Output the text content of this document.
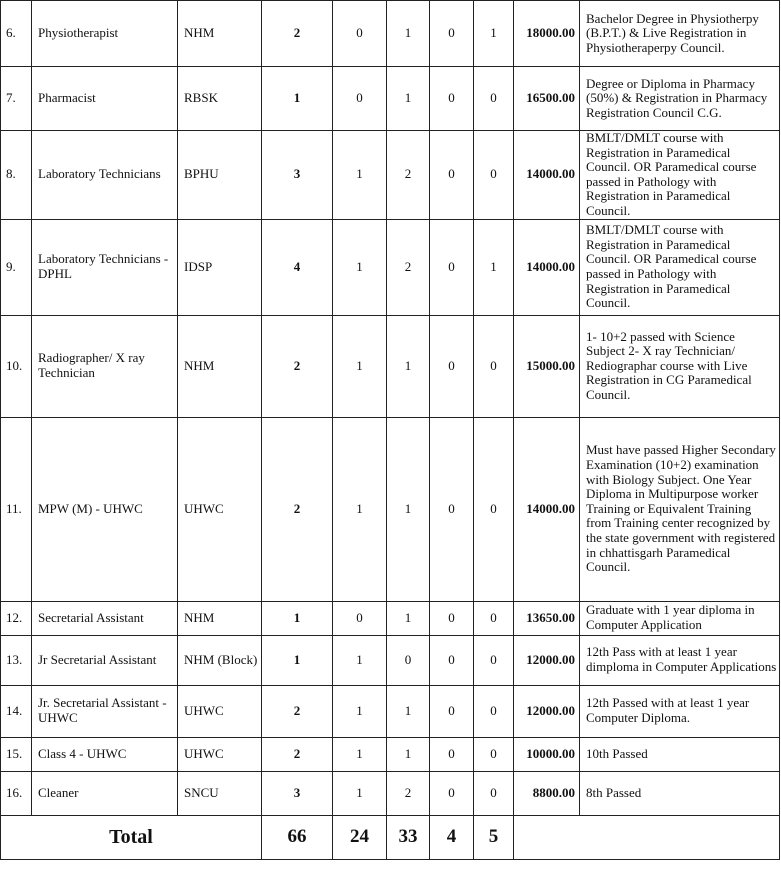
6.	Physiotherapist	NHM	2	0	1	0	1	18000.00	Bachelor Degree in Physiotherpy (B.P.T.) & Live Registration in Physiotheraperpy Council.
7.	Pharmacist	RBSK	1	0	1	0	0	16500.00	Degree or Diploma in Pharmacy (50%) & Registration in Pharmacy Registration Council C.G.
8.	Laboratory Technicians	BPHU	3	1	2	0	0	14000.00	BMLT/DMLT course with Registration in Paramedical Council. OR Paramedical course passed in Pathology with Registration in Paramedical Council.
9.	Laboratory Technicians - DPHL	IDSP	4	1	2	0	1	14000.00	BMLT/DMLT course with Registration in Paramedical Council. OR Paramedical course passed in Pathology with Registration in Paramedical Council.
10.	Radiographer/ X ray Technician	NHM	2	1	1	0	0	15000.00	1- 10+2 passed with Science Subject 2- X ray Technician/ Rediographar course with Live Registration in CG Paramedical Council.
11.	MPW (M) - UHWC	UHWC	2	1	1	0	0	14000.00	Must have passed Higher Secondary Examination (10+2) examination with Biology Subject. One Year Diploma in Multipurpose worker Training or Equivalent Training from Training center recognized by the state government with registered in chhattisgarh Paramedical Council.
12.	Secretarial Assistant	NHM	1	0	1	0	0	13650.00	Graduate with 1 year diploma in Computer Application
13.	Jr Secretarial Assistant	NHM (Block)	1	1	0	0	0	12000.00	12th Pass with at least 1 year dimploma in Computer Applications
14.	Jr. Secretarial Assistant - UHWC	UHWC	2	1	1	0	0	12000.00	12th Passed with at least 1 year Computer Diploma.
15.	Class 4 - UHWC	UHWC	2	1	1	0	0	10000.00	10th Passed
16.	Cleaner	SNCU	3	1	2	0	0	8800.00	8th Passed
Total			66	24	33	4	5		
